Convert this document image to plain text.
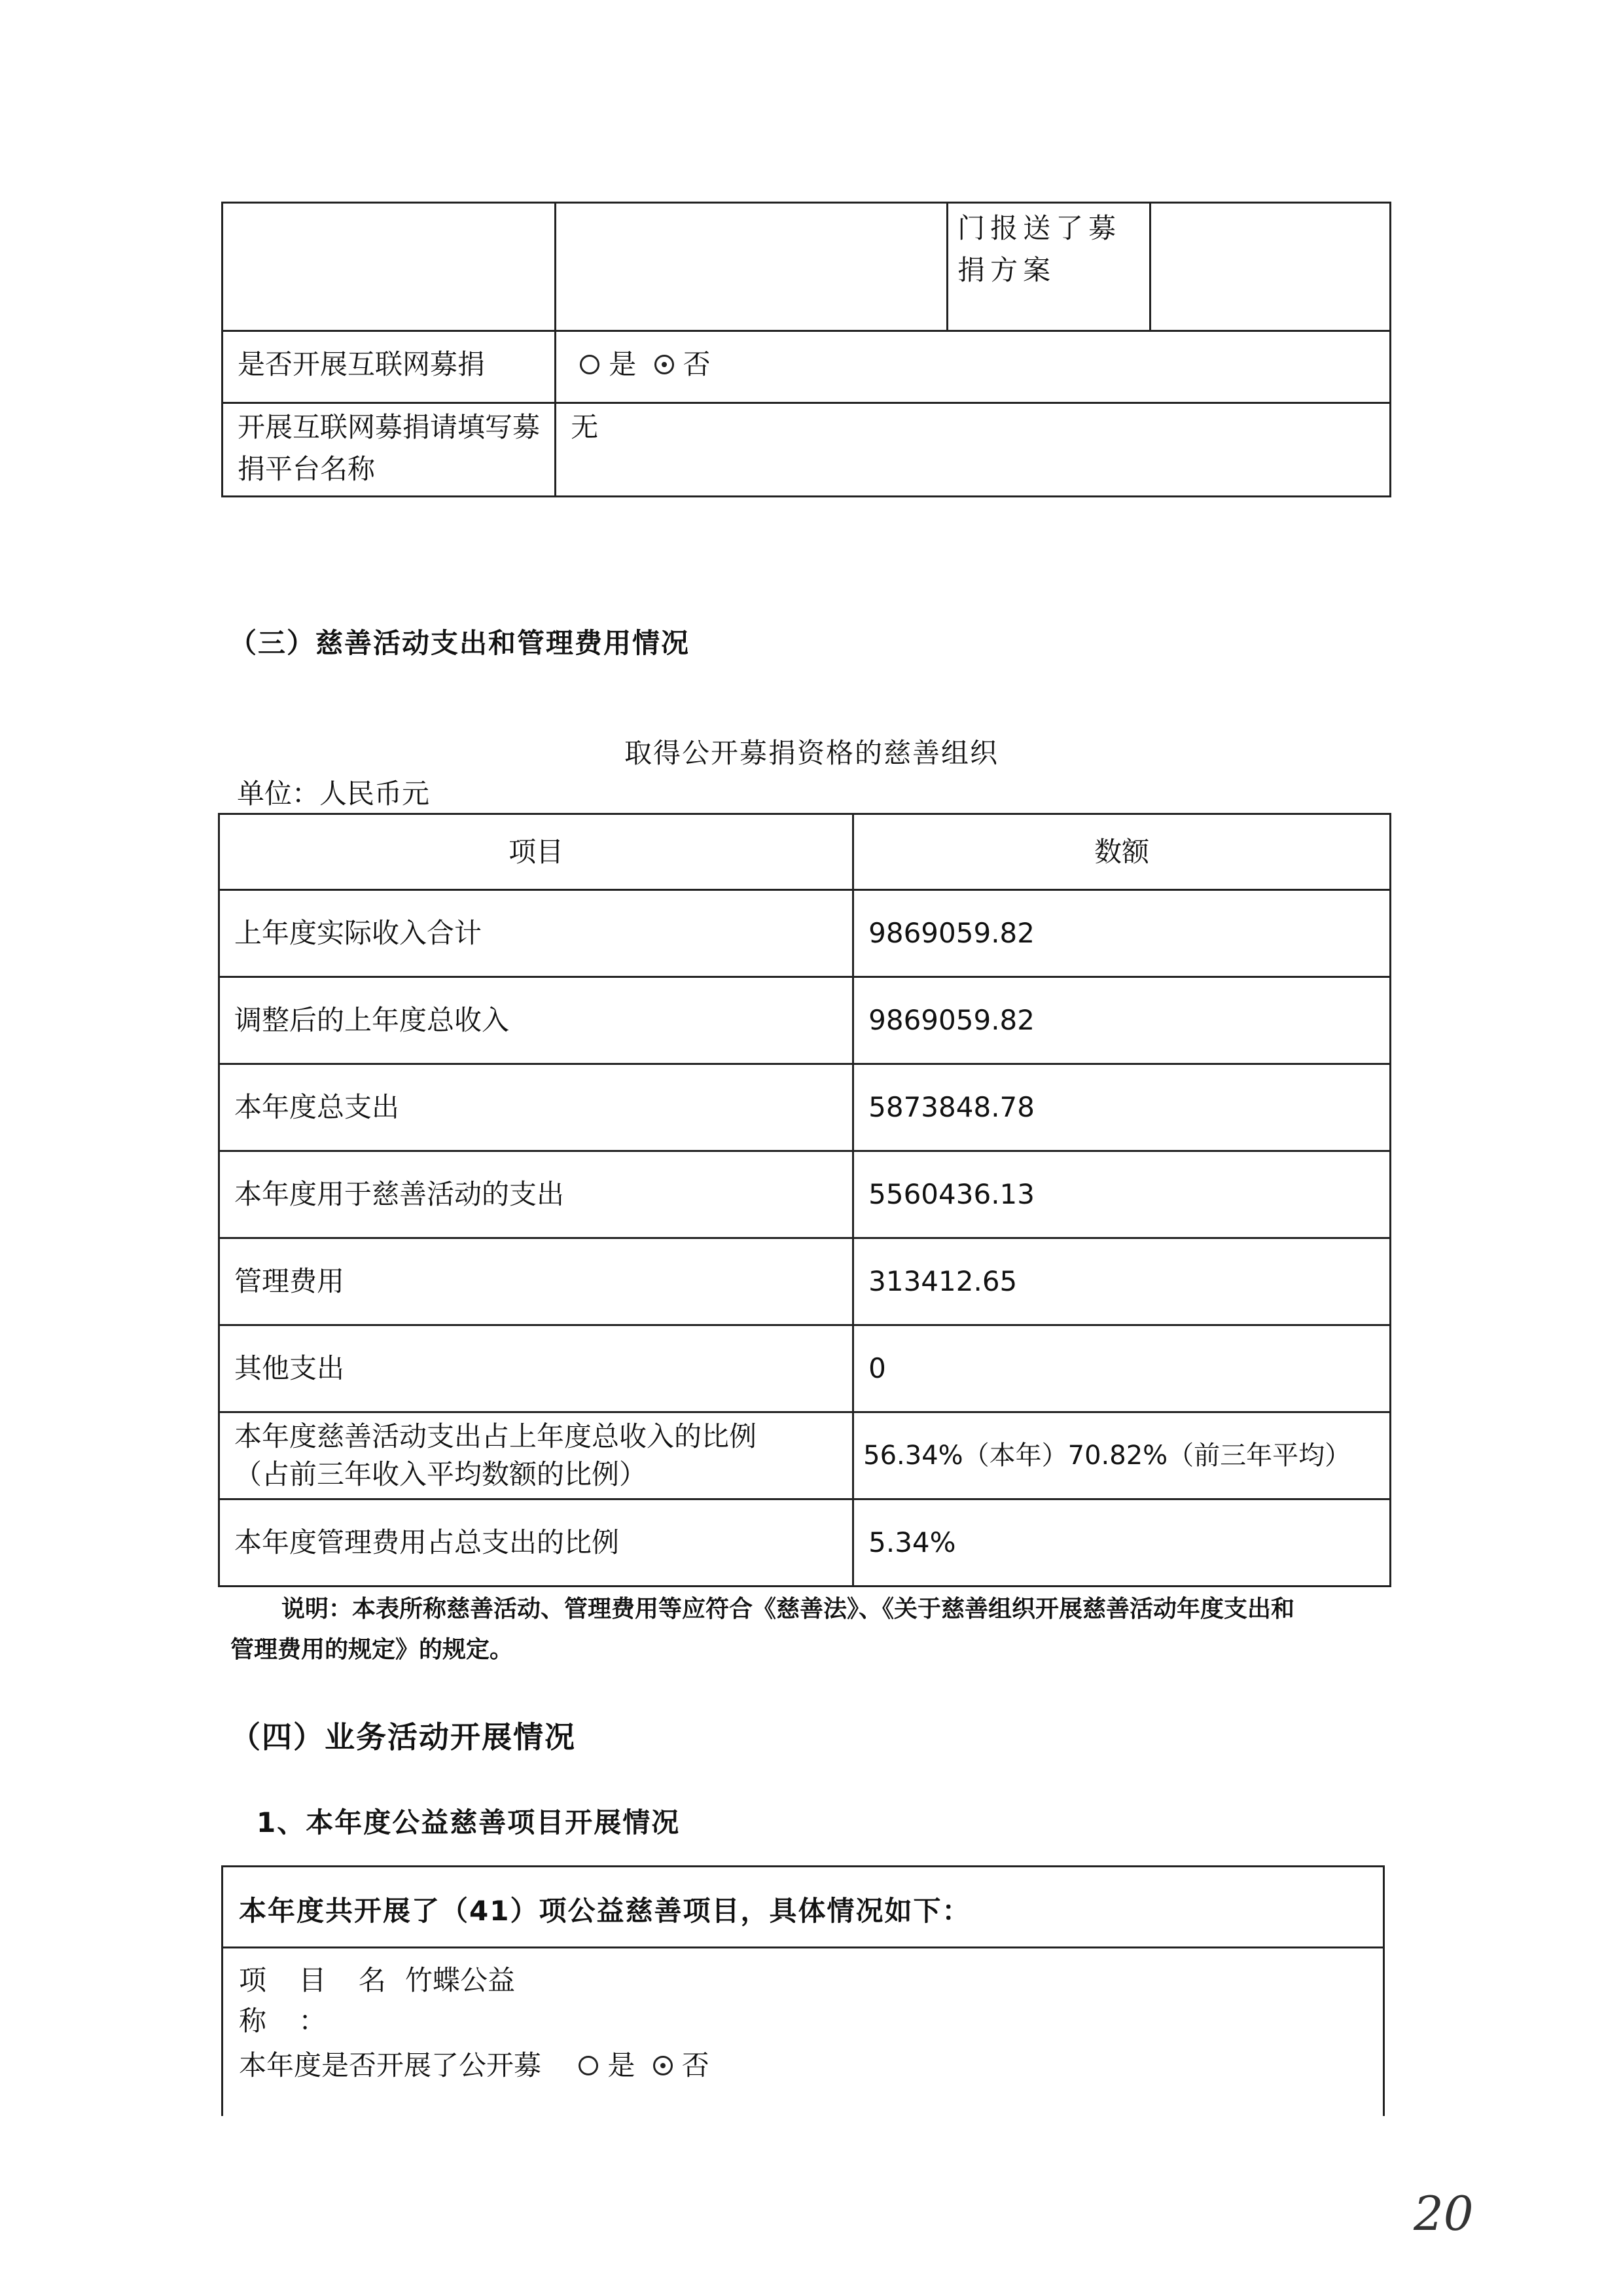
		门报送了募捐方案	

是否开展互联网募捐	是 否		

开展互联网募捐请填写募捐平台名称	无		
（三）慈善活动支出和管理费用情况
取得公开募捐资格的慈善组织
单位：人民币元
项目	数额

上年度实际收入合计	9869059.82

调整后的上年度总收入	9869059.82

本年度总支出	5873848.78

本年度用于慈善活动的支出	5560436.13

管理费用	313412.65

其他支出	0

本年度慈善活动支出占上年度总收入的比例
（占前三年收入平均数额的比例）	56.34%（本年）70.82%（前三年平均）

本年度管理费用占总支出的比例	5.34%
说明：本表所称慈善活动、管理费用等应符合《慈善法》、《关于慈善组织开展慈善活动年度支出和
管理费用的规定》的规定。
（四）业务活动开展情况
1、本年度公益慈善项目开展情况
本年度共开展了（41）项公益慈善项目，具体情况如下：
项 目 名
称 ：
竹蝶公益
本年度是否开展了公开募 是 否
20
